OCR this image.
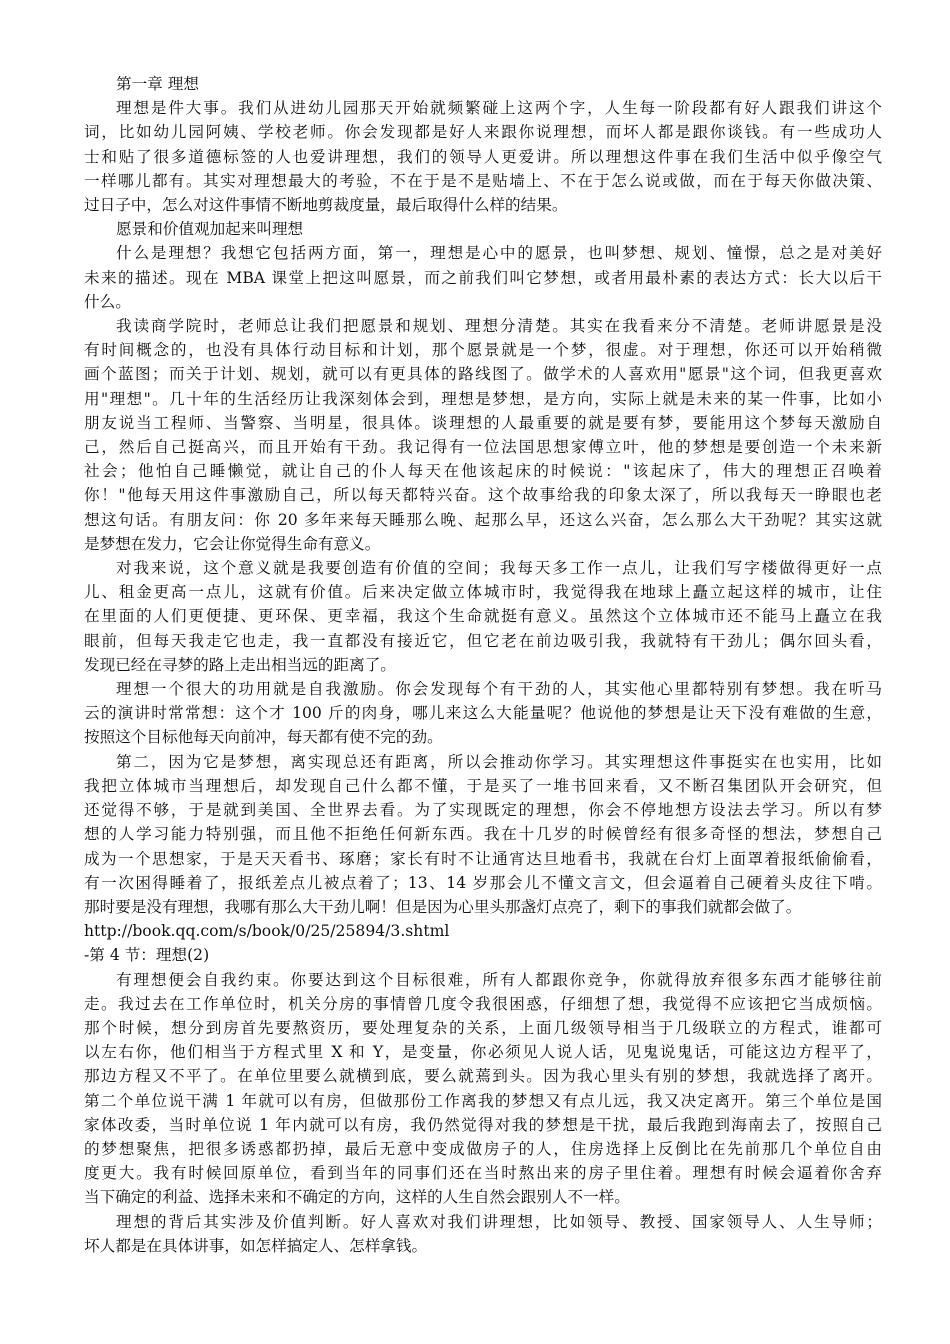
第一章 理想
理想是件大事。我们从进幼儿园那天开始就频繁碰上这两个字，人生每一阶段都有好人跟我们讲这个
词，比如幼儿园阿姨、学校老师。你会发现都是好人来跟你说理想，而坏人都是跟你谈钱。有一些成功人
士和贴了很多道德标签的人也爱讲理想，我们的领导人更爱讲。所以理想这件事在我们生活中似乎像空气
一样哪儿都有。其实对理想最大的考验，不在于是不是贴墙上、不在于怎么说或做，而在于每天你做决策、
过日子中，怎么对这件事情不断地剪裁度量，最后取得什么样的结果。
愿景和价值观加起来叫理想
什么是理想？我想它包括两方面，第一，理想是心中的愿景，也叫梦想、规划、憧憬，总之是对美好
未来的描述。现在 MBA 课堂上把这叫愿景，而之前我们叫它梦想，或者用最朴素的表达方式：长大以后干
什么。
我读商学院时，老师总让我们把愿景和规划、理想分清楚。其实在我看来分不清楚。老师讲愿景是没
有时间概念的，也没有具体行动目标和计划，那个愿景就是一个梦，很虚。对于理想，你还可以开始稍微
画个蓝图；而关于计划、规划，就可以有更具体的路线图了。做学术的人喜欢用"愿景"这个词，但我更喜欢
用"理想"。几十年的生活经历让我深刻体会到，理想是梦想，是方向，实际上就是未来的某一件事，比如小
朋友说当工程师、当警察、当明星，很具体。谈理想的人最重要的就是要有梦，要能用这个梦每天激励自
己，然后自己挺高兴，而且开始有干劲。我记得有一位法国思想家傅立叶，他的梦想是要创造一个未来新
社会；他怕自己睡懒觉，就让自己的仆人每天在他该起床的时候说："该起床了，伟大的理想正召唤着
你！"他每天用这件事激励自己，所以每天都特兴奋。这个故事给我的印象太深了，所以我每天一睁眼也老
想这句话。有朋友问：你 20 多年来每天睡那么晚、起那么早，还这么兴奋，怎么那么大干劲呢？其实这就
是梦想在发力，它会让你觉得生命有意义。
对我来说，这个意义就是我要创造有价值的空间；我每天多工作一点儿，让我们写字楼做得更好一点
儿、租金更高一点儿，这就有价值。后来决定做立体城市时，我觉得我在地球上矗立起这样的城市，让住
在里面的人们更便捷、更环保、更幸福，我这个生命就挺有意义。虽然这个立体城市还不能马上矗立在我
眼前，但每天我走它也走，我一直都没有接近它，但它老在前边吸引我，我就特有干劲儿；偶尔回头看，
发现已经在寻梦的路上走出相当远的距离了。
理想一个很大的功用就是自我激励。你会发现每个有干劲的人，其实他心里都特别有梦想。我在听马
云的演讲时常常想：这个才 100 斤的肉身，哪儿来这么大能量呢？他说他的梦想是让天下没有难做的生意，
按照这个目标他每天向前冲，每天都有使不完的劲。
第二，因为它是梦想，离实现总还有距离，所以会推动你学习。其实理想这件事挺实在也实用，比如
我把立体城市当理想后，却发现自己什么都不懂，于是买了一堆书回来看，又不断召集团队开会研究，但
还觉得不够，于是就到美国、全世界去看。为了实现既定的理想，你会不停地想方设法去学习。所以有梦
想的人学习能力特别强，而且他不拒绝任何新东西。我在十几岁的时候曾经有很多奇怪的想法，梦想自己
成为一个思想家，于是天天看书、琢磨；家长有时不让通宵达旦地看书，我就在台灯上面罩着报纸偷偷看，
有一次困得睡着了，报纸差点儿被点着了；13、14 岁那会儿不懂文言文，但会逼着自己硬着头皮往下啃。
那时要是没有理想，我哪有那么大干劲儿啊！但是因为心里头那盏灯点亮了，剩下的事我们就都会做了。
http://book.qq.com/s/book/0/25/25894/3.shtml
-第 4 节：理想(2)
有理想便会自我约束。你要达到这个目标很难，所有人都跟你竞争，你就得放弃很多东西才能够往前
走。我过去在工作单位时，机关分房的事情曾几度令我很困惑，仔细想了想，我觉得不应该把它当成烦恼。
那个时候，想分到房首先要熬资历，要处理复杂的关系，上面几级领导相当于几级联立的方程式，谁都可
以左右你，他们相当于方程式里 X 和 Y，是变量，你必须见人说人话，见鬼说鬼话，可能这边方程平了，
那边方程又不平了。在单位里要么就横到底，要么就蔫到头。因为我心里头有别的梦想，我就选择了离开。
第二个单位说干满 1 年就可以有房，但做那份工作离我的梦想又有点儿远，我又决定离开。第三个单位是国
家体改委，当时单位说 1 年内就可以有房，我仍然觉得对我的梦想是干扰，最后我跑到海南去了，按照自己
的梦想聚焦，把很多诱惑都扔掉，最后无意中变成做房子的人，住房选择上反倒比在先前那几个单位自由
度更大。我有时候回原单位，看到当年的同事们还在当时熬出来的房子里住着。理想有时候会逼着你舍弃
当下确定的利益、选择未来和不确定的方向，这样的人生自然会跟别人不一样。
理想的背后其实涉及价值判断。好人喜欢对我们讲理想，比如领导、教授、国家领导人、人生导师；
坏人都是在具体讲事，如怎样搞定人、怎样拿钱。
